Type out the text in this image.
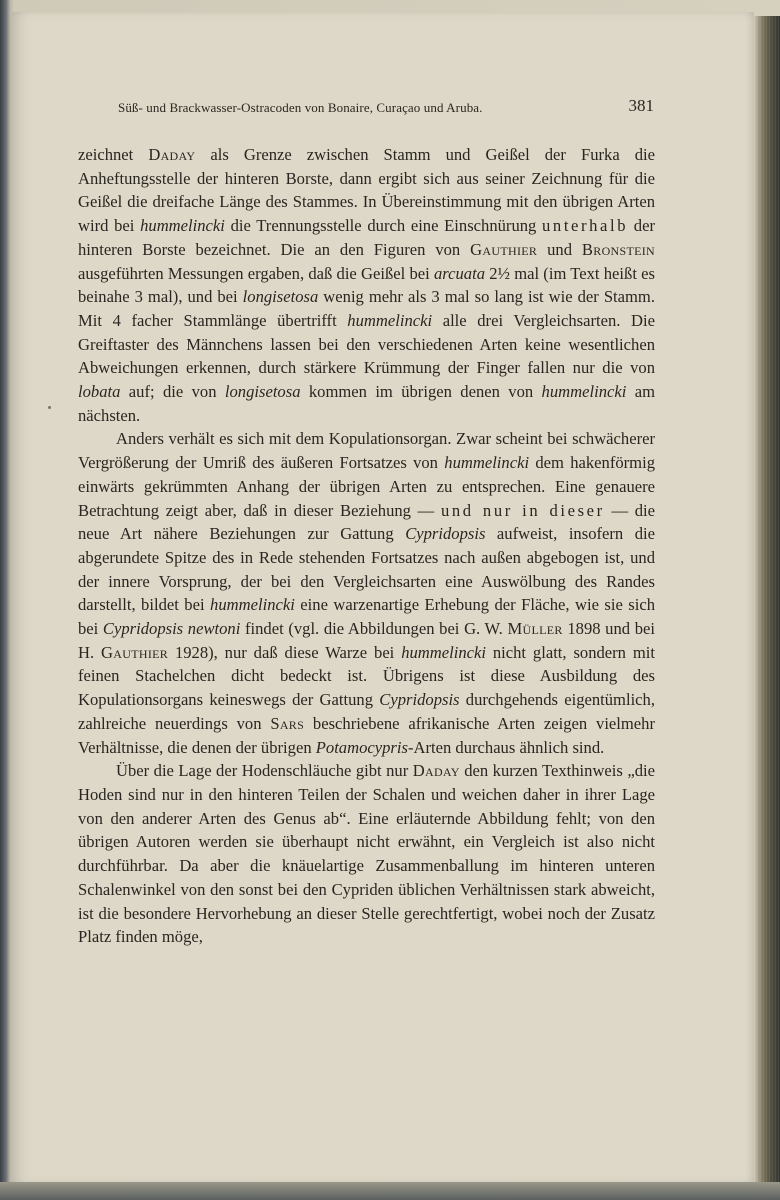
Süß- und Brackwasser-Ostracoden von Bonaire, Curaçao und Aruba.	381

zeichnet Daday als Grenze zwischen Stamm und Geißel der Furka die Anheftungsstelle der hinteren Borste, dann ergibt sich aus seiner Zeichnung für die Geißel die dreifache Länge des Stammes. In Übereinstimmung mit den übrigen Arten wird bei hummelincki die Trennungsstelle durch eine Einschnürung unterhalb der hinteren Borste bezeichnet. Die an den Figuren von Gauthier und Bronstein ausgeführten Messungen ergaben, daß die Geißel bei arcuata 2½ mal (im Text heißt es beinahe 3 mal), und bei longisetosa wenig mehr als 3 mal so lang ist wie der Stamm. Mit 4 facher Stammlänge übertrifft hummelincki alle drei Vergleichsarten. Die Greiftaster des Männchens lassen bei den verschiedenen Arten keine wesentlichen Abweichungen erkennen, durch stärkere Krümmung der Finger fallen nur die von lobata auf; die von longisetosa kommen im übrigen denen von hummelincki am nächsten.

Anders verhält es sich mit dem Kopulationsorgan. Zwar scheint bei schwächerer Vergrößerung der Umriß des äußeren Fortsatzes von hummelincki dem hakenförmig einwärts gekrümmten Anhang der übrigen Arten zu entsprechen. Eine genauere Betrachtung zeigt aber, daß in dieser Beziehung — und nur in dieser — die neue Art nähere Beziehungen zur Gattung Cypridopsis aufweist, insofern die abgerundete Spitze des in Rede stehenden Fortsatzes nach außen abgebogen ist, und der innere Vorsprung, der bei den Vergleichsarten eine Auswölbung des Randes darstellt, bildet bei hummelincki eine warzenartige Erhebung der Fläche, wie sie sich bei Cypridopsis newtoni findet (vgl. die Abbildungen bei G. W. Müller 1898 und bei H. Gauthier 1928), nur daß diese Warze bei hummelincki nicht glatt, sondern mit feinen Stachelchen dicht bedeckt ist. Übrigens ist diese Ausbildung des Kopulationsorgans keineswegs der Gattung Cypridopsis durchgehends eigentümlich, zahlreiche neuerdings von Sars beschriebene afrikanische Arten zeigen vielmehr Verhältnisse, die denen der übrigen Potamocypris-Arten durchaus ähnlich sind.

Über die Lage der Hodenschläuche gibt nur Daday den kurzen Texthinweis „die Hoden sind nur in den hinteren Teilen der Schalen und weichen daher in ihrer Lage von den anderer Arten des Genus ab“. Eine erläuternde Abbildung fehlt; von den übrigen Autoren werden sie überhaupt nicht erwähnt, ein Vergleich ist also nicht durchführbar. Da aber die knäuelartige Zusammenballung im hinteren unteren Schalenwinkel von den sonst bei den Cypriden üblichen Verhältnissen stark abweicht, ist die besondere Hervorhebung an dieser Stelle gerechtfertigt, wobei noch der Zusatz Platz finden möge,
